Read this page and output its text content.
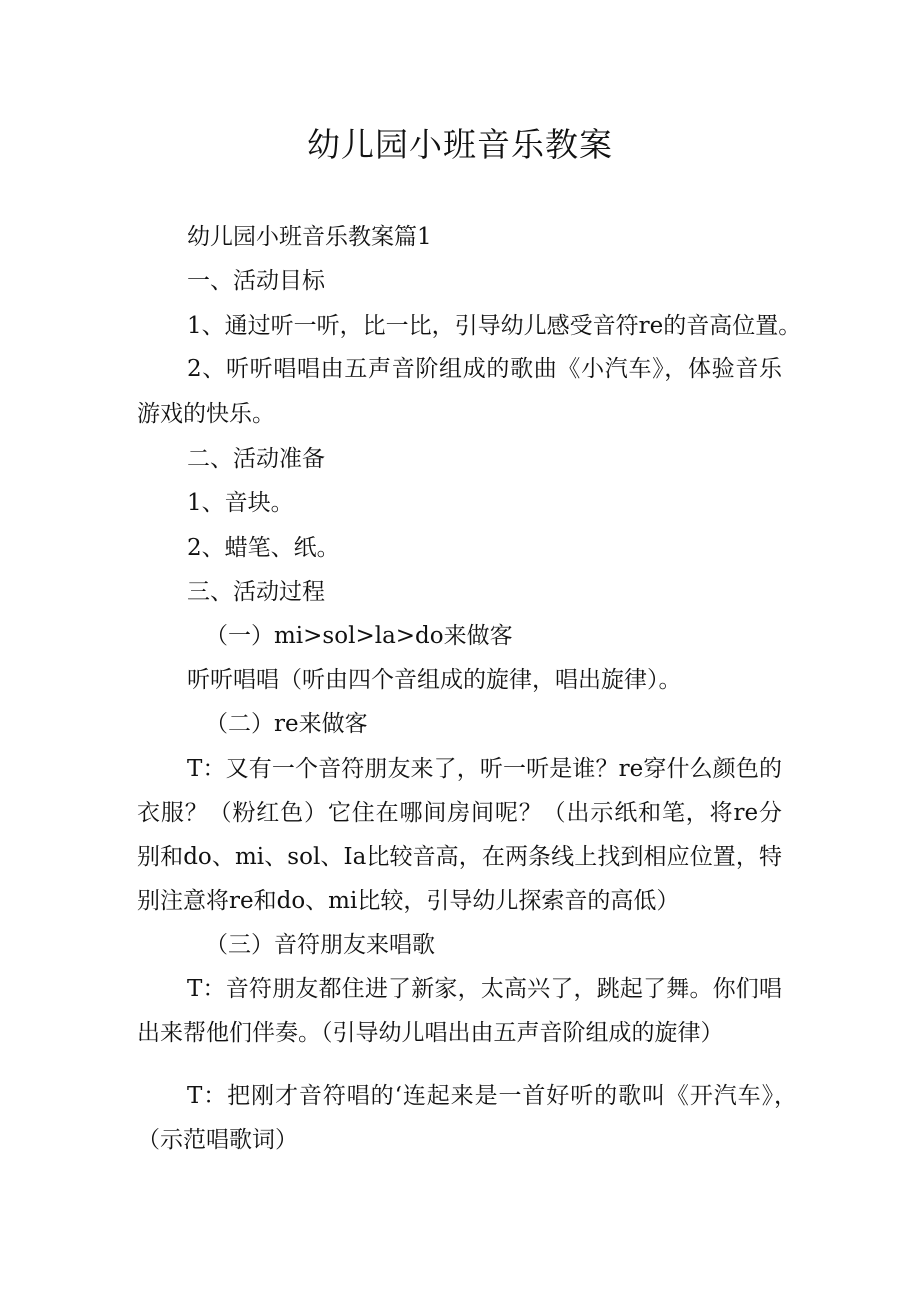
幼儿园小班音乐教案
幼儿园小班音乐教案篇1
一、活动目标
1、通过听一听，比一比，引导幼儿感受音符re的音高位置。
2、听听唱唱由五声音阶组成的歌曲《小汽车》，体验音乐
游戏的快乐。
二、活动准备
1、音块。
2、蜡笔、纸。
三、活动过程
（一）mi>sol>la>do来做客
听听唱唱（听由四个音组成的旋律，唱出旋律）。
（二）re来做客
T：又有一个音符朋友来了，听一听是谁？re穿什么颜色的
衣服？（粉红色）它住在哪间房间呢？（出示纸和笔，将re分
别和do、mi、sol、Ia比较音高，在两条线上找到相应位置，特
别注意将re和do、mi比较，引导幼儿探索音的高低）
（三）音符朋友来唱歌
T：音符朋友都住进了新家，太高兴了，跳起了舞。你们唱
出来帮他们伴奏。（引导幼儿唱出由五声音阶组成的旋律）
T：把刚才音符唱的‘连起来是一首好听的歌叫《开汽车》，
（示范唱歌词）
